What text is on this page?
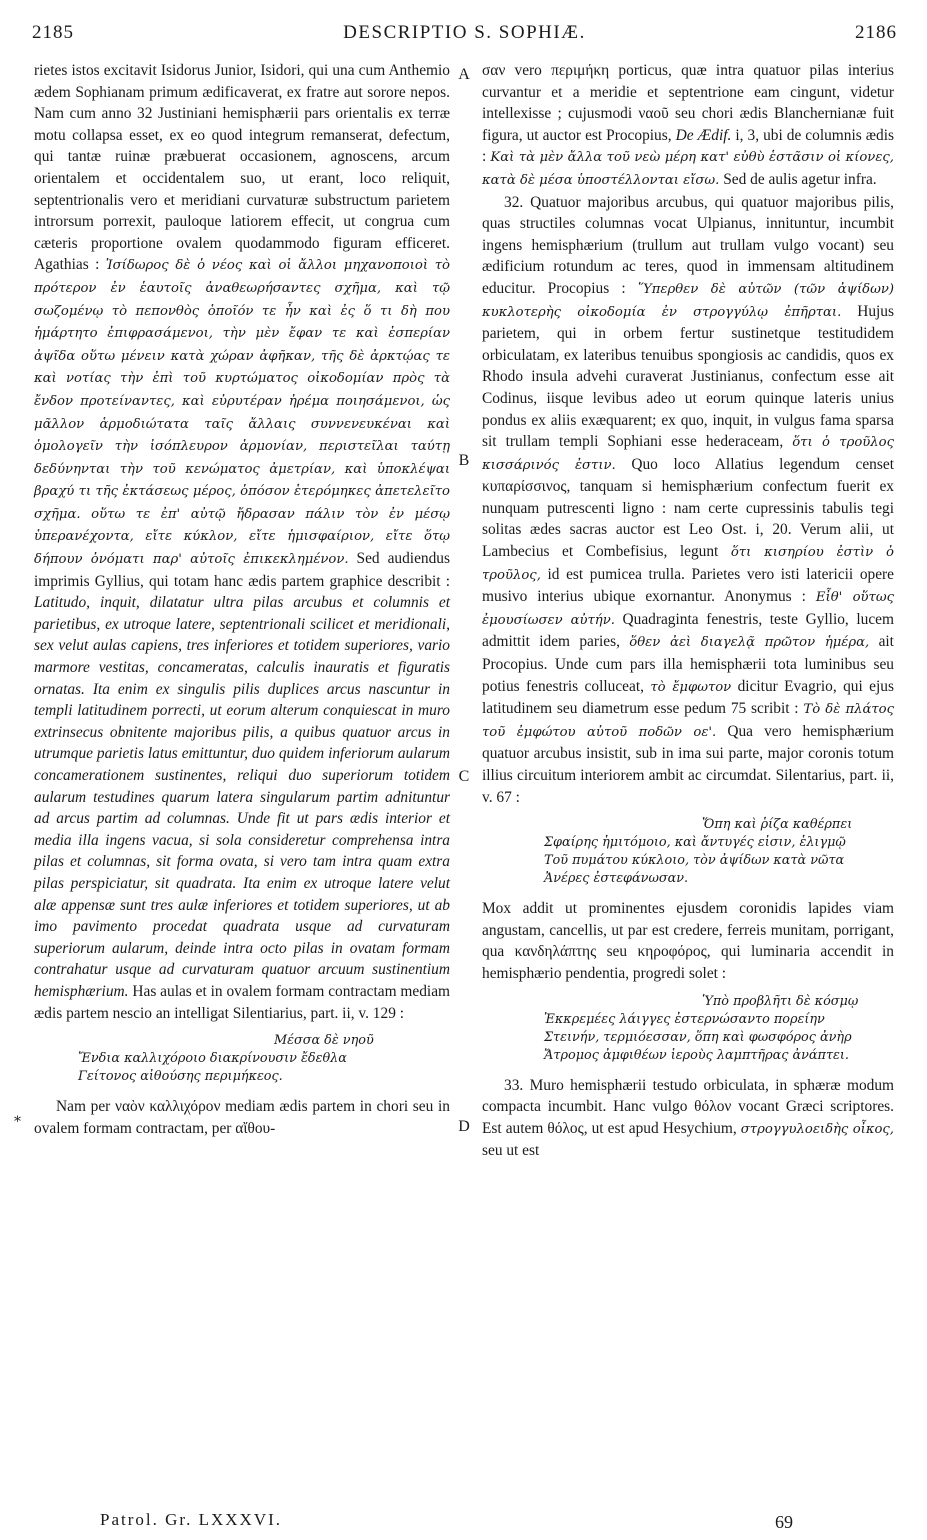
2185	DESCRIPTIO S. SOPHIÆ.	2186
A
B
C
D
*

rietes istos excitavit Isidorus Junior, Isidori, qui una cum Anthemio ædem Sophianam primum ædificaverat, ex fratre aut sorore nepos. Nam cum anno 32 Justiniani hemisphærii pars orientalis ex terræ motu collapsa esset, ex eo quod integrum remanserat, defectum, qui tantæ ruinæ præbuerat occasionem, agnoscens, arcum orientalem et occidentalem suo, ut erant, loco reliquit, septentrionalis vero et meridiani curvaturæ substructum parietem introrsum porrexit, pauloque latiorem effecit, ut congrua cum cæteris proportione ovalem quodammodo figuram efficeret. Agathias : Ἰσίδωρος δὲ ὁ νέος καὶ οἱ ἄλλοι μηχανοποιοὶ τὸ πρότερον ἐν ἑαυτοῖς ἀναθεωρήσαντες σχῆμα, καὶ τῷ σωζομένῳ τὸ πεπονθὸς ὁποῖόν τε ἦν καὶ ἐς ὅ τι δὴ που ἡμάρτητο ἐπιφρασάμενοι, τὴν μὲν ἔφαν τε καὶ ἑσπερίαν ἀψῖδα οὕτω μένειν κατὰ χώραν ἀφῆκαν, τῆς δὲ ἀρκτῴας τε καὶ νοτίας τὴν ἐπὶ τοῦ κυρτώματος οἰκοδομίαν πρὸς τὰ ἔνδον προτείναντες, καὶ εὐρυτέραν ἠρέμα ποιησάμενοι, ὡς μᾶλλον ἁρμοδιώτατα ταῖς ἄλλαις συννενευκέναι καὶ ὁμολογεῖν τὴν ἰσόπλευρον ἁρμονίαν, περιστεῖλαι ταύτῃ δεδύνηνται τὴν τοῦ κενώματος ἀμετρίαν, καὶ ὑποκλέψαι βραχύ τι τῆς ἐκτάσεως μέρος, ὁπόσον ἑτερόμηκες ἀπετελεῖτο σχῆμα. οὕτω τε ἐπ' αὐτῷ ἤδρασαν πάλιν τὸν ἐν μέσῳ ὑπερανέχοντα, εἴτε κύκλον, εἴτε ἡμισφαίριον, εἴτε ὅτῳ δήπουν ὀνόματι παρ' αὐτοῖς ἐπικεκλημένον. Sed audiendus imprimis Gyllius, qui totam hanc ædis partem graphice describit : Latitudo, inquit, dilatatur ultra pilas arcubus et columnis et parietibus, ex utroque latere, septentrionali scilicet et meridionali, sex velut aulas capiens, tres inferiores et totidem superiores, vario marmore vestitas, concameratas, calculis inauratis et figuratis ornatas. Ita enim ex singulis pilis duplices arcus nascuntur in templi latitudinem porrecti, ut eorum alterum conquiescat in muro extrinsecus obnitente majoribus pilis, a quibus quatuor arcus in utrumque parietis latus emittuntur, duo quidem inferiorum aularum concamerationem sustinentes, reliqui duo superiorum totidem aularum testudines quarum latera singularum partim adnituntur ad arcus partim ad columnas. Unde fit ut pars ædis interior et media illa ingens vacua, si sola consideretur comprehensa intra pilas et columnas, sit forma ovata, si vero tam intra quam extra pilas perspiciatur, sit quadrata. Ita enim ex utroque latere velut alæ appensæ sunt tres aulæ inferiores et totidem superiores, ut ab imo pavimento procedat quadrata usque ad curvaturam superiorum aularum, deinde intra octo pilas in ovatam formam contrahatur usque ad curvaturam quatuor arcuum sustinentium hemisphærium. Has aulas et in ovalem formam contractam mediam ædis partem nescio an intelligat Silentiarius, part. ii, v. 129 :

Μέσσα δὲ νηοῦ
Ἔνδια καλλιχόροιο διακρίνουσιν ἔδεθλα
Γείτονος αἰθούσης περιμήκεος.

Nam per ναὸν καλλιχόρον mediam ædis partem in chori seu in ovalem formam contractam, per αἴθου-

σαν vero περιμήκη porticus, quæ intra quatuor pilas interius curvantur et a meridie et septentrione eam cingunt, videtur intellexisse ; cujusmodi ναοῦ seu chori ædis Blanchernianæ fuit figura, ut auctor est Procopius, De Ædif. i, 3, ubi de columnis ædis : Καὶ τὰ μὲν ἄλλα τοῦ νεὼ μέρη κατ' εὐθὺ ἑστᾶσιν οἱ κίονες, κατὰ δὲ μέσα ὑποστέλλονται εἴσω. Sed de aulis agetur infra.

32. Quatuor majoribus arcubus, qui quatuor majoribus pilis, quas structiles columnas vocat Ulpianus, innituntur, incumbit ingens hemisphærium (trullum aut trullam vulgo vocant) seu ædificium rotundum ac teres, quod in immensam altitudinem educitur. Procopius : Ὕπερθεν δὲ αὐτῶν (τῶν ἀψίδων) κυκλοτερὴς οἰκοδομία ἐν στρογγύλῳ ἐπῆρται. Hujus parietem, qui in orbem fertur sustinetque testitudidem orbiculatam, ex lateribus tenuibus spongiosis ac candidis, quos ex Rhodo insula advehi curaverat Justinianus, confectum esse ait Codinus, iisque levibus adeo ut eorum quinque lateris unius pondus ex aliis exæquarent; ex quo, inquit, in vulgus fama sparsa sit trullam templi Sophiani esse hederaceam, ὅτι ὁ τροῦλος κισσάρινός ἐστιν. Quo loco Allatius legendum censet κυπαρίσσινος, tanquam si hemisphærium confectum fuerit ex nunquam putrescenti ligno : nam certe cupressinis tabulis tegi solitas ædes sacras auctor est Leo Ost. i, 20. Verum alii, ut Lambecius et Combefisius, legunt ὅτι κισηρίου ἐστὶν ὁ τροῦλος, id est pumicea trulla. Parietes vero isti latericii opere musivo interius ubique exornantur. Anonymus : Εἶθ' οὕτως ἐμουσίωσεν αὐτήν. Quadraginta fenestris, teste Gyllio, lucem admittit idem paries, ὅθεν ἀεὶ διαγελᾷ πρῶτον ἡμέρα, ait Procopius. Unde cum pars illa hemisphærii tota luminibus seu potius fenestris colluceat, τὸ ἔμφωτον dicitur Evagrio, qui ejus latitudinem seu diametrum esse pedum 75 scribit : Τὸ δὲ πλάτος τοῦ ἐμφώτου αὐτοῦ ποδῶν οε'. Qua vero hemisphærium quatuor arcubus insistit, sub in ima sui parte, major coronis totum illius circuitum interiorem ambit ac circumdat. Silentarius, part. ii, v. 67 :

Ὅπη καὶ ῥίζα καθέρπει
Σφαίρης ἡμιτόμοιο, καὶ ἄντυγές εἰσιν, ἑλιγμῷ
Τοῦ πυμάτου κύκλοιο, τὸν ἀψίδων κατὰ νῶτα
Ἀνέρες ἐστεφάνωσαν.

Mox addit ut prominentes ejusdem coronidis lapides viam angustam, cancellis, ut par est credere, ferreis munitam, porrigant, qua κανδηλάπτης seu κηροφόρος, qui luminaria accendit in hemisphærio pendentia, progredi solet :

Ὑπὸ προβλῆτι δὲ κόσμῳ
Ἐκκρεμέες λάιγγες ἐστερνώσαντο πορείην
Στεινήν, τερμιόεσσαν, ὅπη καὶ φωσφόρος ἀνὴρ
Ἄτρομος ἀμφιθέων ἱεροὺς λαμπτῆρας ἀνάπτει.

33. Muro hemisphærii testudo orbiculata, in sphæræ modum compacta incumbit. Hanc vulgo θόλον vocant Græci scriptores. Est autem θόλος, ut est apud Hesychium, στρογγυλοειδὴς οἶκος, seu ut est

Patrol. Gr. LXXXVI.	69
